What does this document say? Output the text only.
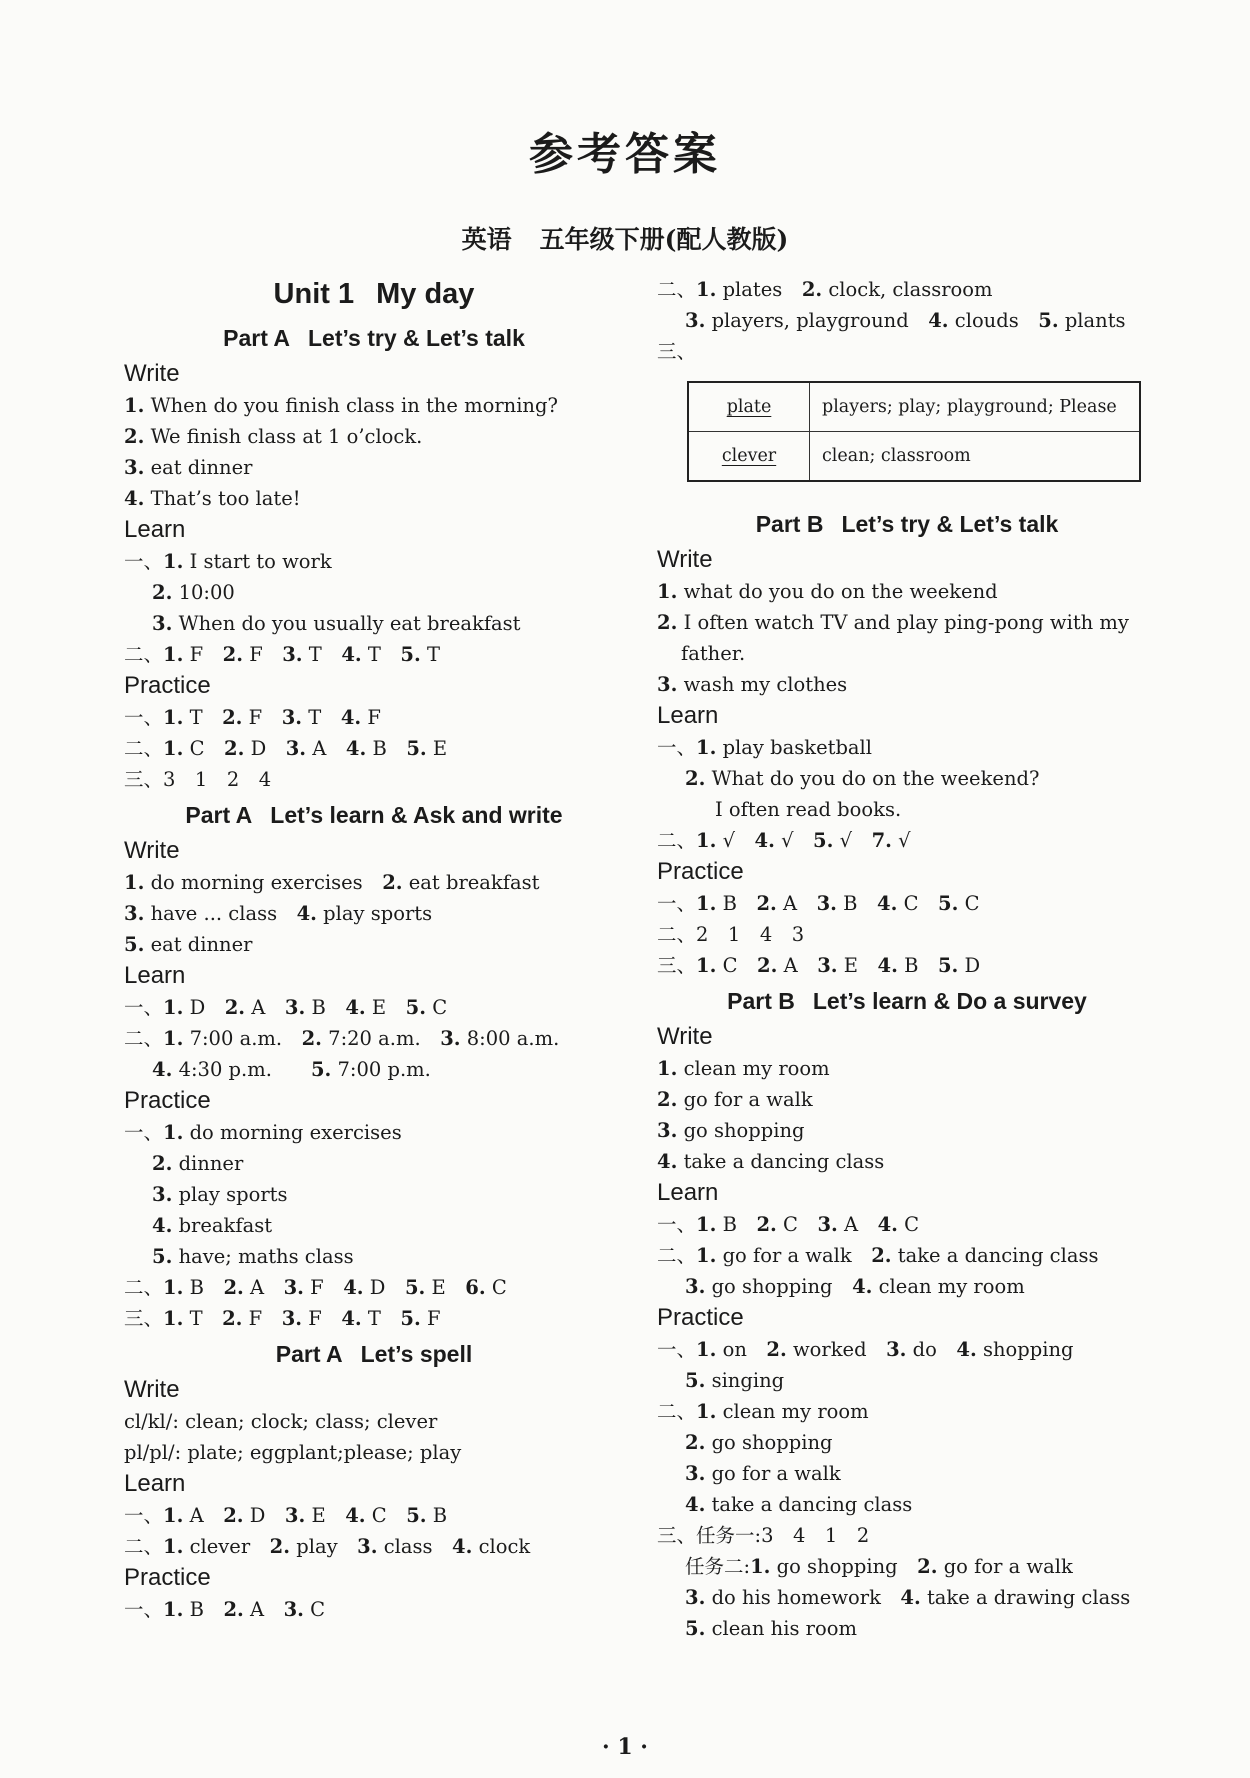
参考答案
英语 五年级下册(配人教版)
Unit 1 My day
Part A Let’s try & Let’s talk
Write
1. When do you finish class in the morning?
2. We finish class at 1 o’clock.
3. eat dinner
4. That’s too late!
Learn
一、1. I start to work
2. 10:00
3. When do you usually eat breakfast
二、1. F　 2. F　 3. T　 4. T　 5. T
Practice
一、1. T　 2. F　 3. T　 4. F
二、1. C　 2. D　 3. A　 4. B　 5. E
三、3　1　2　4
Part A Let’s learn & Ask and write
Write
1. do morning exercises　 2. eat breakfast
3. have ... class　 4. play sports
5. eat dinner
Learn
一、1. D　 2. A　 3. B　 4. E　 5. C
二、1. 7:00 a.m.　 2. 7:20 a.m.　 3. 8:00 a.m.
4. 4:30 p.m.　　 5. 7:00 p.m.
Practice
一、1. do morning exercises
2. dinner
3. play sports
4. breakfast
5. have; maths class
二、1. B　 2. A　 3. F　 4. D　 5. E　 6. C
三、1. T　 2. F　 3. F　 4. T　 5. F
Part A Let’s spell
Write
cl/kl/: clean; clock; class; clever
pl/pl/: plate; eggplant;please; play
Learn
一、1. A　 2. D　 3. E　 4. C　 5. B
二、1. clever　 2. play　 3. class　 4. clock
Practice
一、1. B　 2. A　 3. C
二、1. plates　 2. clock, classroom
3. players, playground　 4. clouds　 5. plants
三、
plate	players; play; playground; Please
clever	clean; classroom
Part B Let’s try & Let’s talk
Write
1. what do you do on the weekend
2. I often watch TV and play ping-pong with my
father.
3. wash my clothes
Learn
一、1. play basketball
2. What do you do on the weekend?
I often read books.
二、1. √　 4. √　 5. √　 7. √
Practice
一、1. B　 2. A　 3. B　 4. C　 5. C
二、2　1　4　3
三、1. C　 2. A　 3. E　 4. B　 5. D
Part B Let’s learn & Do a survey
Write
1. clean my room
2. go for a walk
3. go shopping
4. take a dancing class
Learn
一、1. B　 2. C　 3. A　 4. C
二、1. go for a walk　 2. take a dancing class
3. go shopping　 4. clean my room
Practice
一、1. on　 2. worked　 3. do　 4. shopping
5. singing
二、1. clean my room
2. go shopping
3. go for a walk
4. take a dancing class
三、任务一:3　4　1　2
任务二:1. go shopping　 2. go for a walk
3. do his homework　 4. take a drawing class
5. clean his room
· 1 ·
